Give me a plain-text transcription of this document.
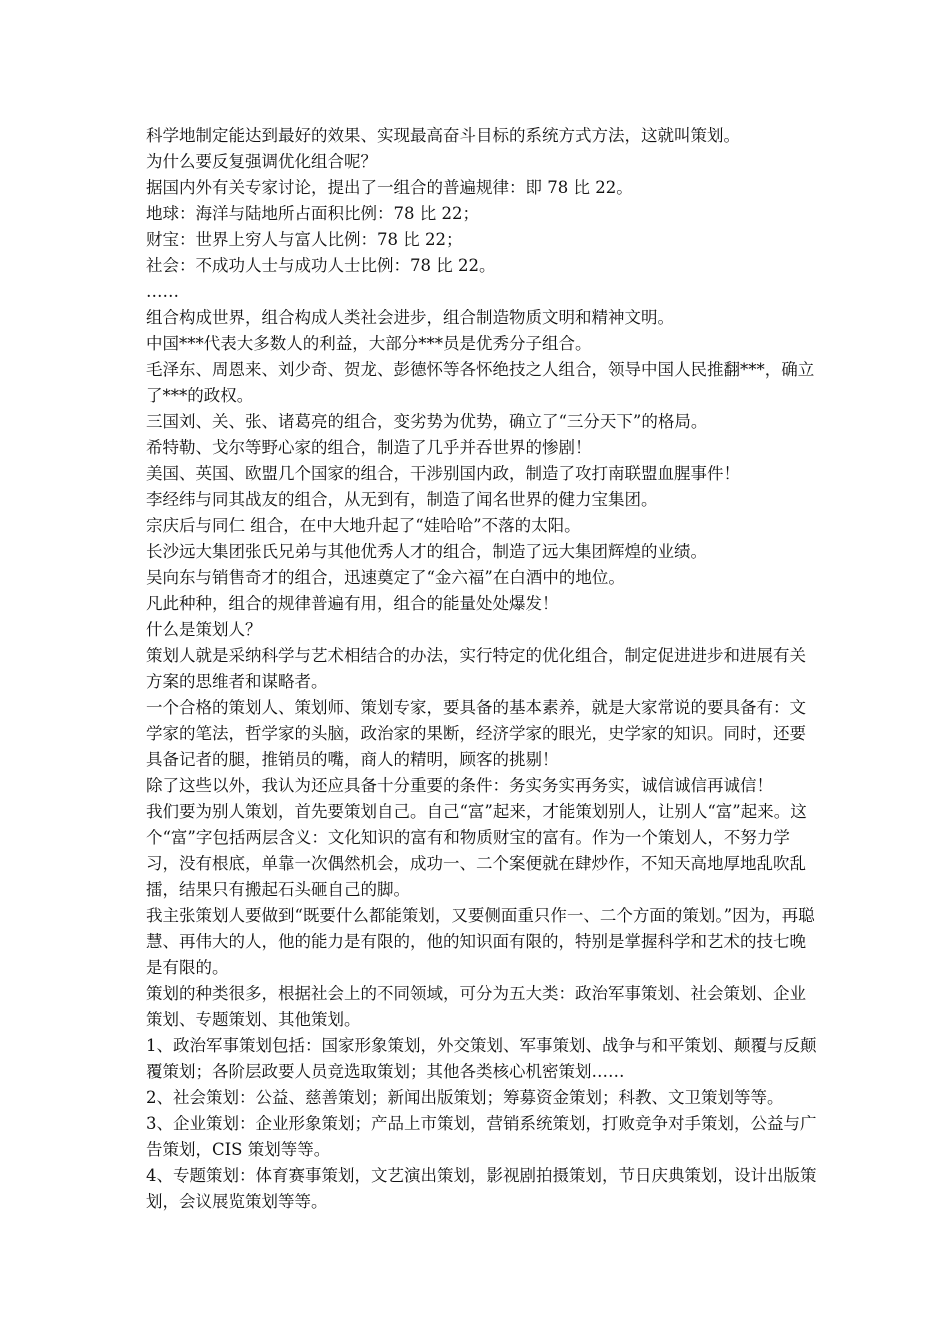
科学地制定能达到最好的效果、实现最高奋斗目标的系统方式方法，这就叫策划。

为什么要反复强调优化组合呢？

据国内外有关专家讨论，提出了一组合的普遍规律：即 78 比 22。

地球：海洋与陆地所占面积比例：78 比 22；

财宝：世界上穷人与富人比例：78 比 22；

社会：不成功人士与成功人士比例：78 比 22。

……

组合构成世界，组合构成人类社会进步，组合制造物质文明和精神文明。

中国***代表大多数人的利益，大部分***员是优秀分子组合。

毛泽东、周恩来、刘少奇、贺龙、彭德怀等各怀绝技之人组合，领导中国人民推翻***，确立了***的政权。

三国刘、关、张、诸葛亮的组合，变劣势为优势，确立了“三分天下”的格局。

希特勒、戈尔等野心家的组合，制造了几乎并吞世界的惨剧！

美国、英国、欧盟几个国家的组合，干涉别国内政，制造了攻打南联盟血腥事件！

李经纬与同其战友的组合，从无到有，制造了闻名世界的健力宝集团。

宗庆后与同仁 组合，在中大地升起了“娃哈哈”不落的太阳。

长沙远大集团张氏兄弟与其他优秀人才的组合，制造了远大集团辉煌的业绩。

吴向东与销售奇才的组合，迅速奠定了“金六福”在白酒中的地位。

凡此种种，组合的规律普遍有用，组合的能量处处爆发！

什么是策划人？

策划人就是采纳科学与艺术相结合的办法，实行特定的优化组合，制定促进进步和进展有关方案的思维者和谋略者。

一个合格的策划人、策划师、策划专家，要具备的基本素养，就是大家常说的要具备有：文学家的笔法，哲学家的头脑，政治家的果断，经济学家的眼光，史学家的知识。同时，还要具备记者的腿，推销员的嘴，商人的精明，顾客的挑剔！

除了这些以外，我认为还应具备十分重要的条件：务实务实再务实，诚信诚信再诚信！

我们要为别人策划，首先要策划自己。自己“富”起来，才能策划别人，让别人“富”起来。这个“富”字包括两层含义：文化知识的富有和物质财宝的富有。作为一个策划人，不努力学习，没有根底，单靠一次偶然机会，成功一、二个案便就在肆炒作，不知天高地厚地乱吹乱擂，结果只有搬起石头砸自己的脚。

我主张策划人要做到“既要什么都能策划，又要侧面重只作一、二个方面的策划。”因为，再聪慧、再伟大的人，他的能力是有限的，他的知识面有限的，特别是掌握科学和艺术的技七晚是有限的。

策划的种类很多，根据社会上的不同领域，可分为五大类：政治军事策划、社会策划、企业策划、专题策划、其他策划。

1、政治军事策划包括：国家形象策划，外交策划、军事策划、战争与和平策划、颠覆与反颠覆策划；各阶层政要人员竞选取策划；其他各类核心机密策划……

2、社会策划：公益、慈善策划；新闻出版策划；筹募资金策划；科教、文卫策划等等。

3、企业策划：企业形象策划；产品上市策划，营销系统策划，打败竞争对手策划，公益与广告策划，CIS 策划等等。

4、专题策划：体育赛事策划，文艺演出策划，影视剧拍摄策划，节日庆典策划，设计出版策划，会议展览策划等等。
